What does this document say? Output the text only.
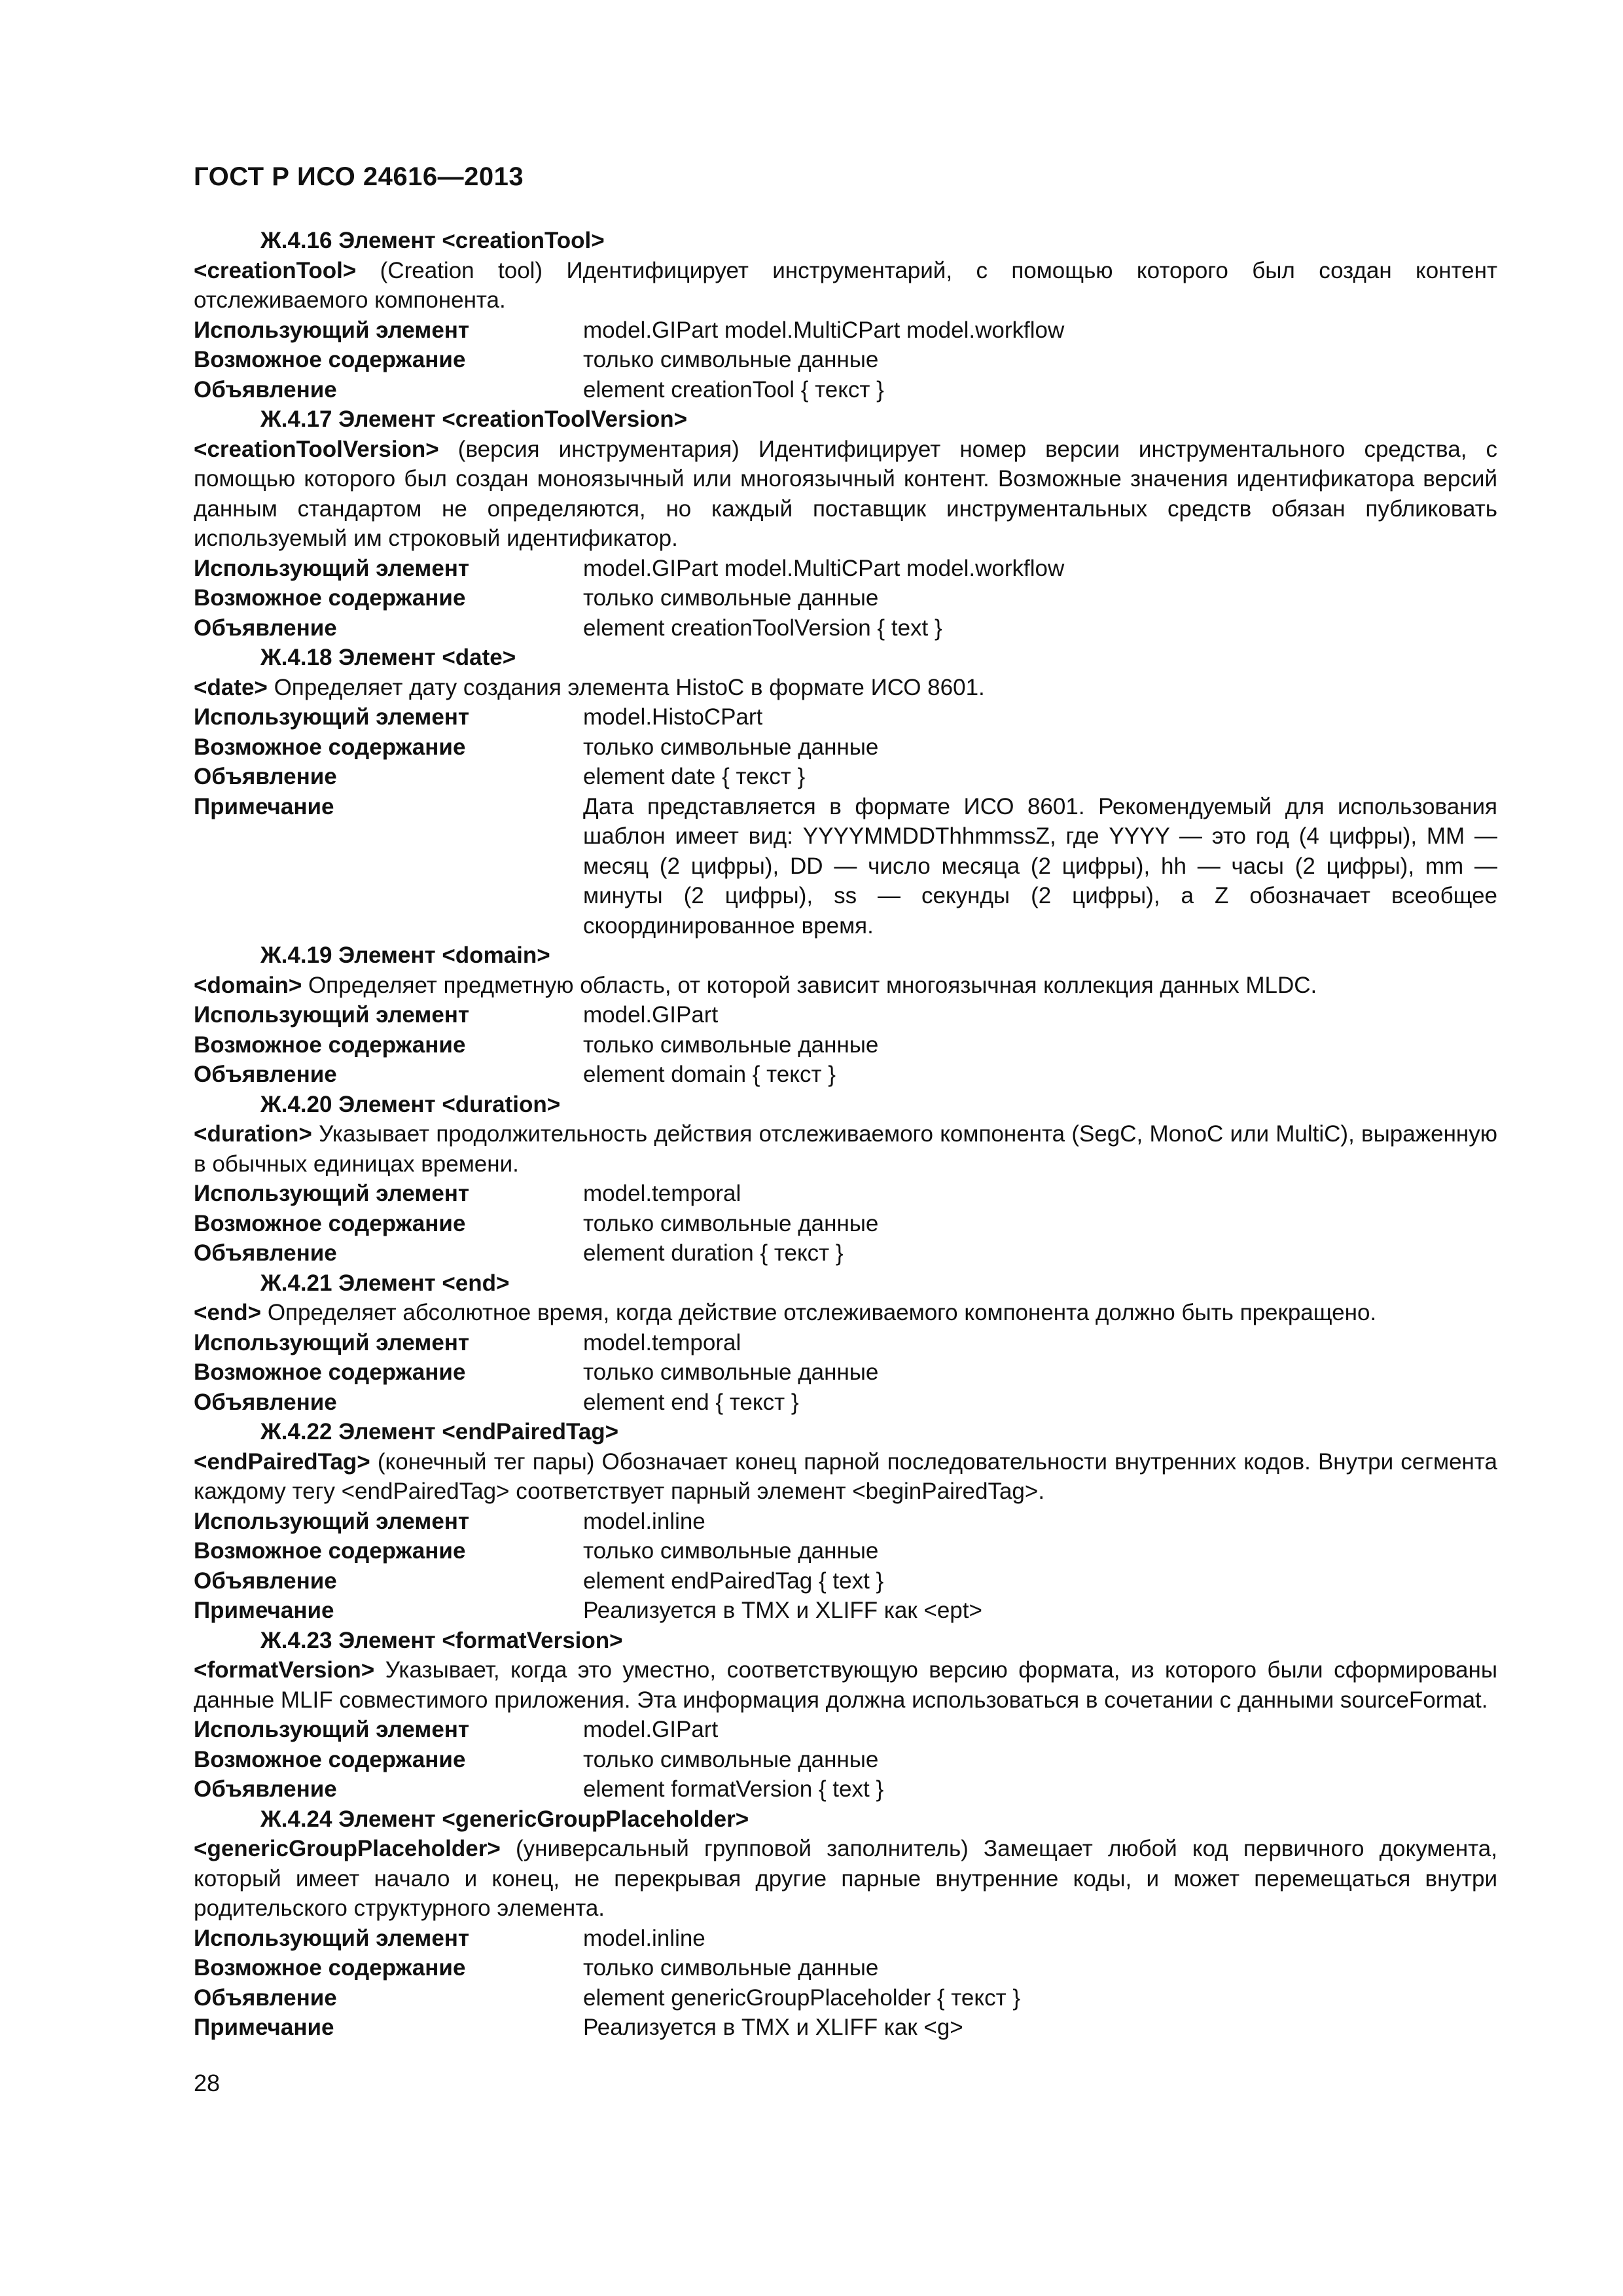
ГОСТ Р ИСО 24616—2013
Ж.4.16 Элемент <creationTool>
<creationTool> (Creation tool) Идентифицирует инструментарий, с помощью которого был создан контент отслеживаемого компонента.
Использующий элемент	model.GIPart model.MultiCPart model.workflow
Возможное содержание	только символьные данные
Объявление	element creationTool { текст }
Ж.4.17 Элемент <creationToolVersion>
<creationToolVersion> (версия инструментария) Идентифицирует номер версии инструментального средства, с помощью которого был создан моноязычный или многоязычный контент. Возможные значения идентификатора версий данным стандартом не определяются, но каждый поставщик инструментальных средств обязан публиковать используемый им строковый идентификатор.
Использующий элемент	model.GIPart model.MultiCPart model.workflow
Возможное содержание	только символьные данные
Объявление	element creationToolVersion { text }
Ж.4.18 Элемент <date>
<date> Определяет дату создания элемента HistoC в формате ИСО 8601.
Использующий элемент	model.HistoCPart
Возможное содержание	только символьные данные
Объявление	element date { текст }
Примечание	Дата представляется в формате ИСО 8601. Рекомендуемый для использования шаблон имеет вид: YYYYMMDDThhmmssZ, где YYYY — это год (4 цифры), MM — месяц (2 цифры), DD — число месяца (2 цифры), hh — часы (2 цифры), mm — минуты (2 цифры), ss — секунды (2 цифры), а Z обозначает всеобщее скоординированное время.
Ж.4.19 Элемент <domain>
<domain> Определяет предметную область, от которой зависит многоязычная коллекция данных MLDC.
Использующий элемент	model.GIPart
Возможное содержание	только символьные данные
Объявление	element domain { текст }
Ж.4.20 Элемент <duration>
<duration> Указывает продолжительность действия отслеживаемого компонента (SegC, MonoC или MultiC), выраженную в обычных единицах времени.
Использующий элемент	model.temporal
Возможное содержание	только символьные данные
Объявление	element duration { текст }
Ж.4.21 Элемент <end>
<end> Определяет абсолютное время, когда действие отслеживаемого компонента должно быть прекращено.
Использующий элемент	model.temporal
Возможное содержание	только символьные данные
Объявление	element end { текст }
Ж.4.22 Элемент <endPairedTag>
<endPairedTag> (конечный тег пары) Обозначает конец парной последовательности внутренних кодов. Внутри сегмента каждому тегу <endPairedTag> соответствует парный элемент <beginPairedTag>.
Использующий элемент	model.inline
Возможное содержание	только символьные данные
Объявление	element endPairedTag { text }
Примечание	Реализуется в TMX и XLIFF как <ept>
Ж.4.23 Элемент <formatVersion>
<formatVersion> Указывает, когда это уместно, соответствующую версию формата, из которого были сформированы данные MLIF совместимого приложения. Эта информация должна использоваться в сочетании с данными sourceFormat.
Использующий элемент	model.GIPart
Возможное содержание	только символьные данные
Объявление	element formatVersion { text }
Ж.4.24 Элемент <genericGroupPlaceholder>
<genericGroupPlaceholder> (универсальный групповой заполнитель) Замещает любой код первичного документа, который имеет начало и конец, не перекрывая другие парные внутренние коды, и может перемещаться внутри родительского структурного элемента.
Использующий элемент	model.inline
Возможное содержание	только символьные данные
Объявление	element genericGroupPlaceholder { текст }
Примечание	Реализуется в TMX и XLIFF как <g>
28
